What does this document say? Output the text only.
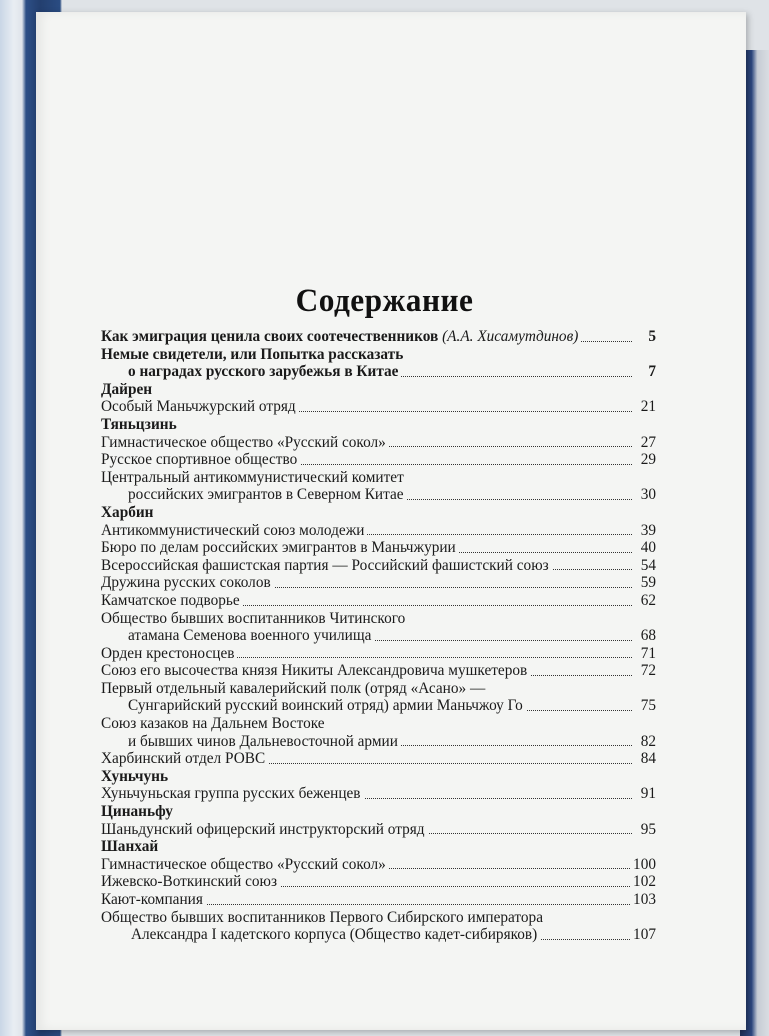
Содержание
Как эмиграция ценила своих соотечественников (А.А. Хисамутдинов)	5
Немые свидетели, или Попытка рассказать
о наградах русского зарубежья в Китае	7
Дайрен
Особый Маньчжурский отряд	21
Тяньцзинь
Гимнастическое общество «Русский сокол»	27
Русское спортивное общество	29
Центральный антикоммунистический комитет
российских эмигрантов в Северном Китае	30
Харбин
Антикоммунистический союз молодежи	39
Бюро по делам российских эмигрантов в Маньчжурии	40
Всероссийская фашистская партия — Российский фашистский союз	54
Дружина русских соколов	59
Камчатское подворье	62
Общество бывших воспитанников Читинского
атамана Семенова военного училища	68
Орден крестоносцев	71
Союз его высочества князя Никиты Александровича мушкетеров	72
Первый отдельный кавалерийский полк (отряд «Асано» —
Сунгарийский русский воинский отряд) армии Маньчжоу Го	75
Союз казаков на Дальнем Востоке
и бывших чинов Дальневосточной армии	82
Харбинский отдел РОВС	84
Хуньчунь
Хуньчуньская группа русских беженцев	91
Цинаньфу
Шаньдунский офицерский инструкторский отряд	95
Шанхай
Гимнастическое общество «Русский сокол»	100
Ижевско-Воткинский союз	102
Кают-компания	103
Общество бывших воспитанников Первого Сибирского императора
Александра I кадетского корпуса (Общество кадет-сибиряков)	107
